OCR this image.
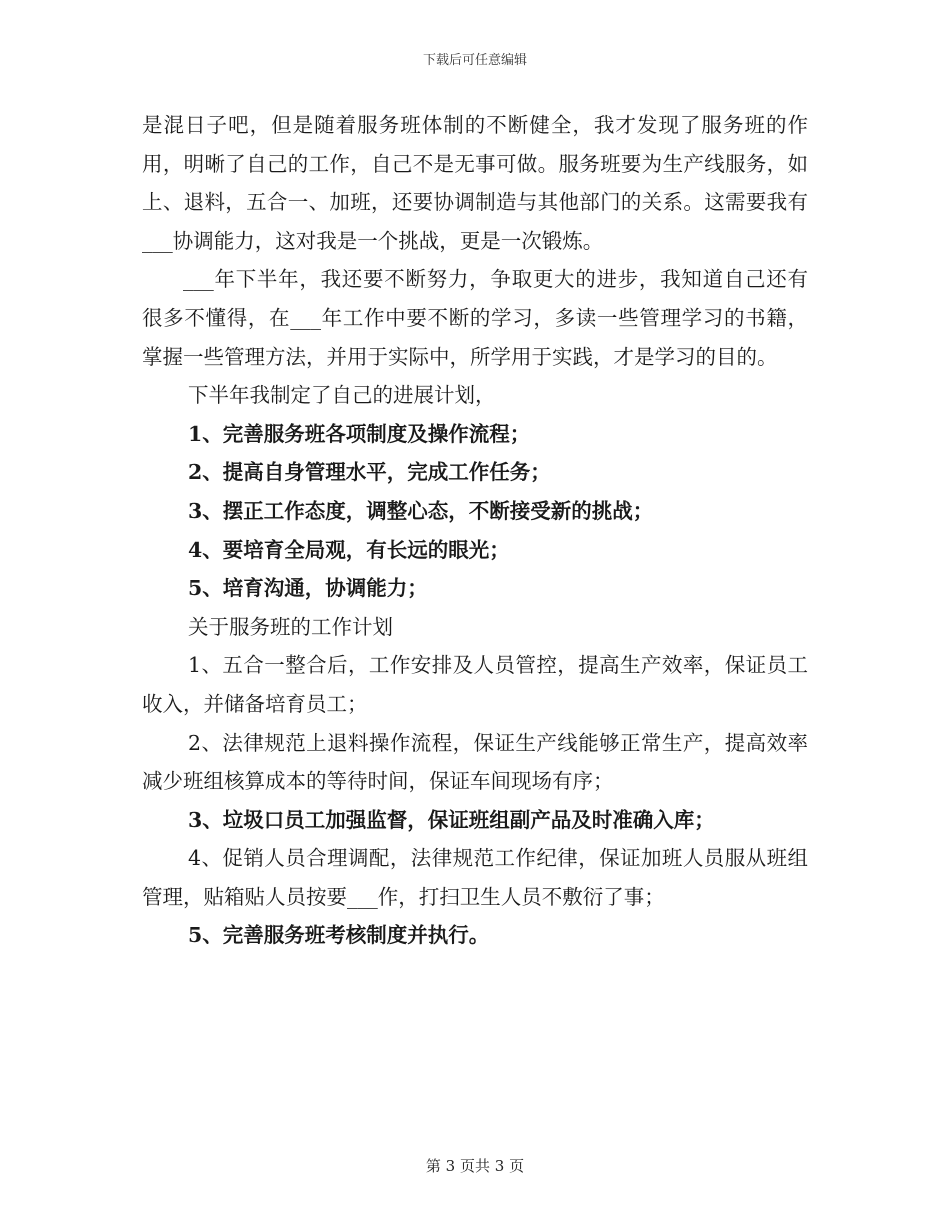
下载后可任意编辑

是混日子吧，但是随着服务班体制的不断健全，我才发现了服务班的作用，明晰了自己的工作，自己不是无事可做。服务班要为生产线服务，如上、退料，五合一、加班，还要协调制造与其他部门的关系。这需要我有___协调能力，这对我是一个挑战，更是一次锻炼。

___年下半年，我还要不断努力，争取更大的进步，我知道自己还有很多不懂得，在___年工作中要不断的学习，多读一些管理学习的书籍，掌握一些管理方法，并用于实际中，所学用于实践，才是学习的目的。

下半年我制定了自己的进展计划，

1、完善服务班各项制度及操作流程；

2、提高自身管理水平，完成工作任务；

3、摆正工作态度，调整心态，不断接受新的挑战；

4、要培育全局观，有长远的眼光；

5、培育沟通，协调能力；

关于服务班的工作计划

1、五合一整合后，工作安排及人员管控，提高生产效率，保证员工收入，并储备培育员工；

2、法律规范上退料操作流程，保证生产线能够正常生产，提高效率减少班组核算成本的等待时间，保证车间现场有序；

3、垃圾口员工加强监督，保证班组副产品及时准确入库；

4、促销人员合理调配，法律规范工作纪律，保证加班人员服从班组管理，贴箱贴人员按要___作，打扫卫生人员不敷衍了事；

5、完善服务班考核制度并执行。

第 3 页共 3 页
